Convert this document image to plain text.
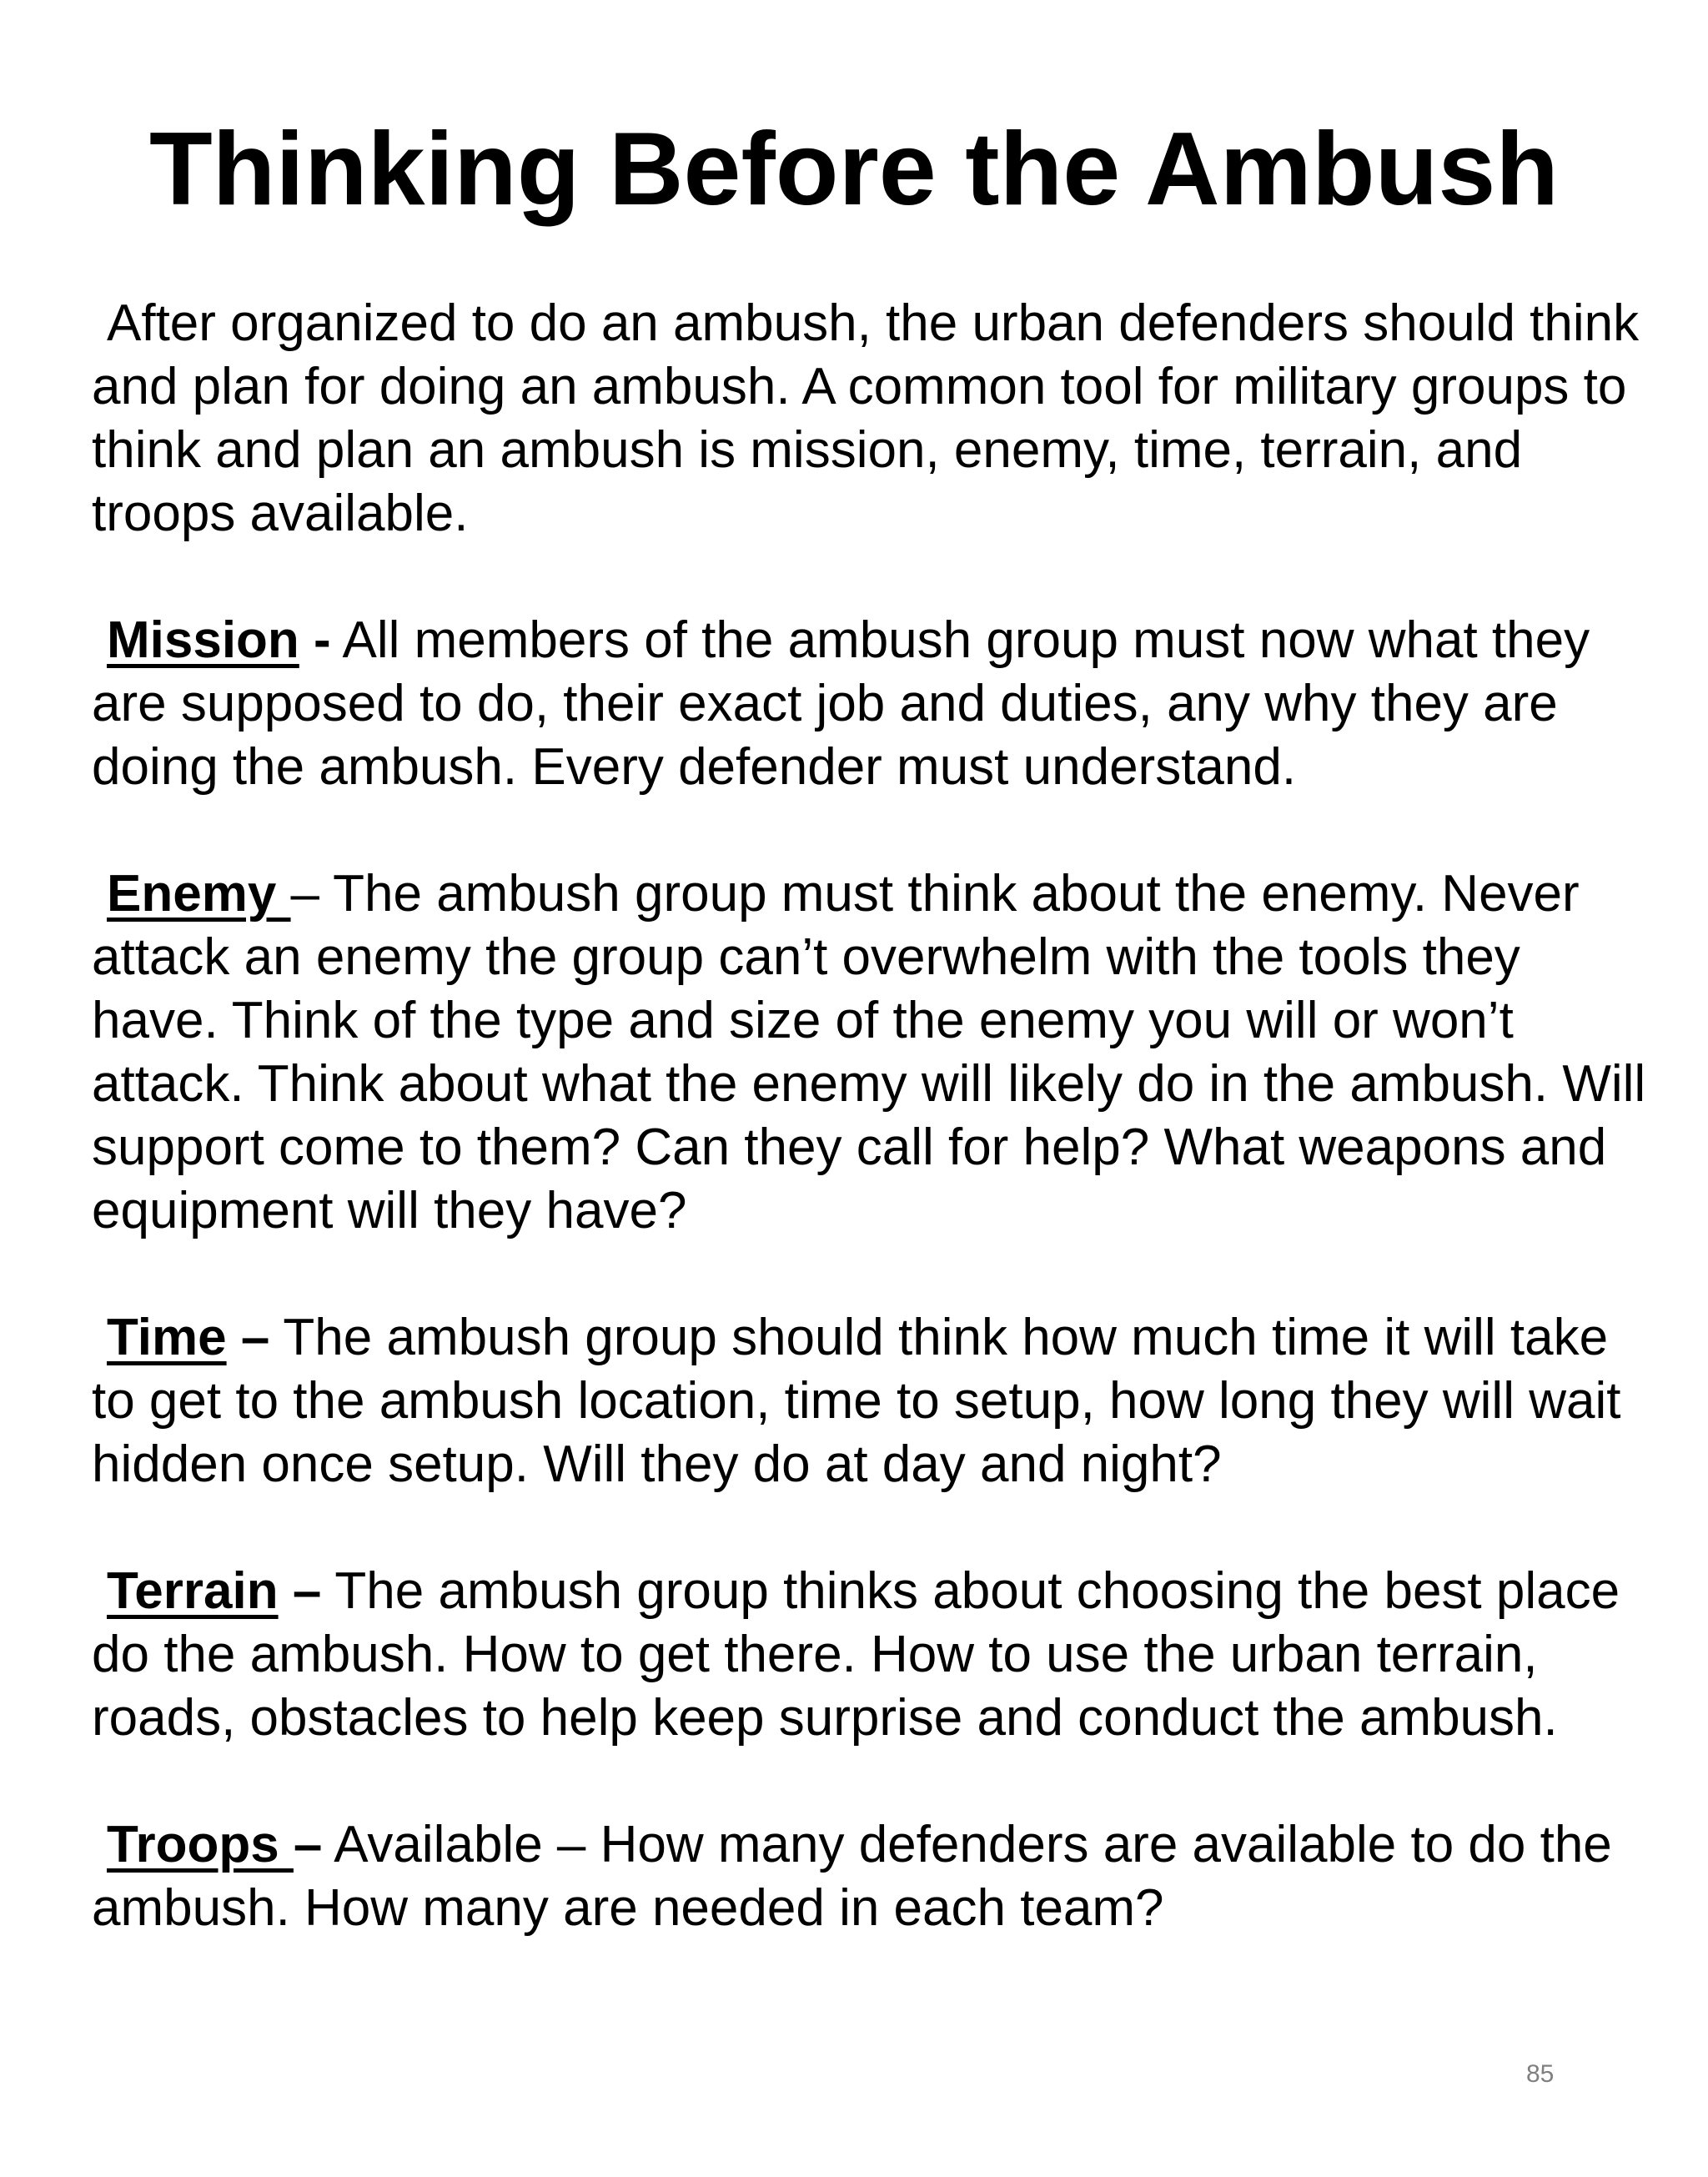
Thinking Before the Ambush

After organized to do an ambush, the urban defenders should think and plan for doing an ambush. A common tool for military groups to think and plan an ambush is mission, enemy, time, terrain, and troops available.

Mission - All members of the ambush group must now what they are supposed to do, their exact job and duties, any why they are doing the ambush. Every defender must understand.

Enemy – The ambush group must think about the enemy. Never attack an enemy the group can’t overwhelm with the tools they have. Think of the type and size of the enemy you will or won’t attack. Think about what the enemy will likely do in the ambush. Will support come to them? Can they call for help? What weapons and equipment will they have?

Time – The ambush group should think how much time it will take to get to the ambush location, time to setup, how long they will wait hidden once setup. Will they do at day and night?

Terrain – The ambush group thinks about choosing the best place do the ambush. How to get there. How to use the urban terrain, roads, obstacles to help keep surprise and conduct the ambush.

Troops – Available – How many defenders are available to do the ambush. How many are needed in each team?

85
